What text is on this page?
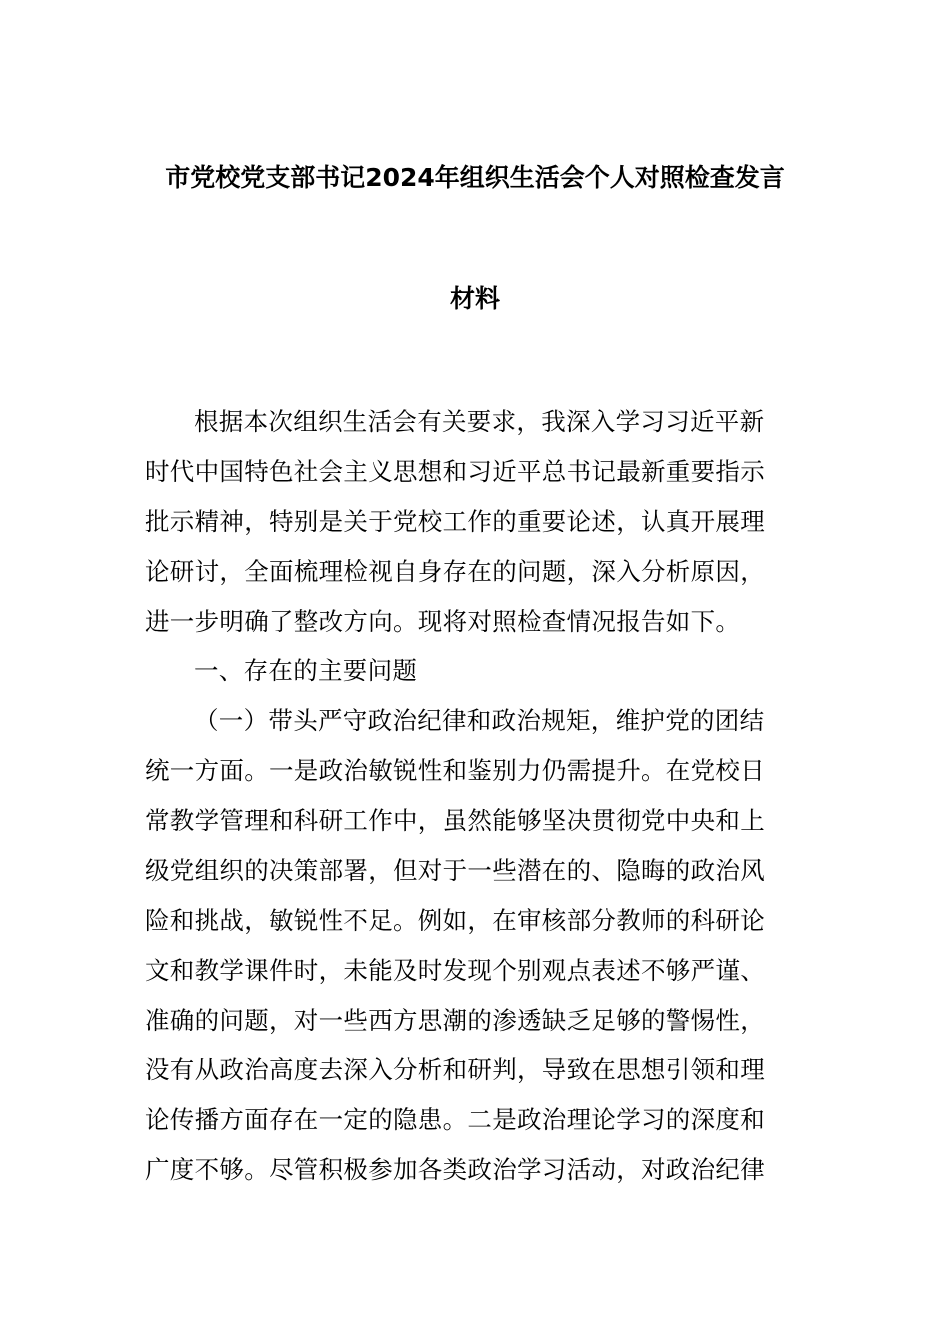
市党校党支部书记2024年组织生活会个人对照检查发言
材料
根据本次组织生活会有关要求，我深入学习习近平新
时代中国特色社会主义思想和习近平总书记最新重要指示
批示精神，特别是关于党校工作的重要论述，认真开展理
论研讨，全面梳理检视自身存在的问题，深入分析原因，
进一步明确了整改方向。现将对照检查情况报告如下。
一、存在的主要问题
（一）带头严守政治纪律和政治规矩，维护党的团结
统一方面。一是政治敏锐性和鉴别力仍需提升。在党校日
常教学管理和科研工作中，虽然能够坚决贯彻党中央和上
级党组织的决策部署，但对于一些潜在的、隐晦的政治风
险和挑战，敏锐性不足。例如，在审核部分教师的科研论
文和教学课件时，未能及时发现个别观点表述不够严谨、
准确的问题，对一些西方思潮的渗透缺乏足够的警惕性，
没有从政治高度去深入分析和研判，导致在思想引领和理
论传播方面存在一定的隐患。二是政治理论学习的深度和
广度不够。尽管积极参加各类政治学习活动，对政治纪律
